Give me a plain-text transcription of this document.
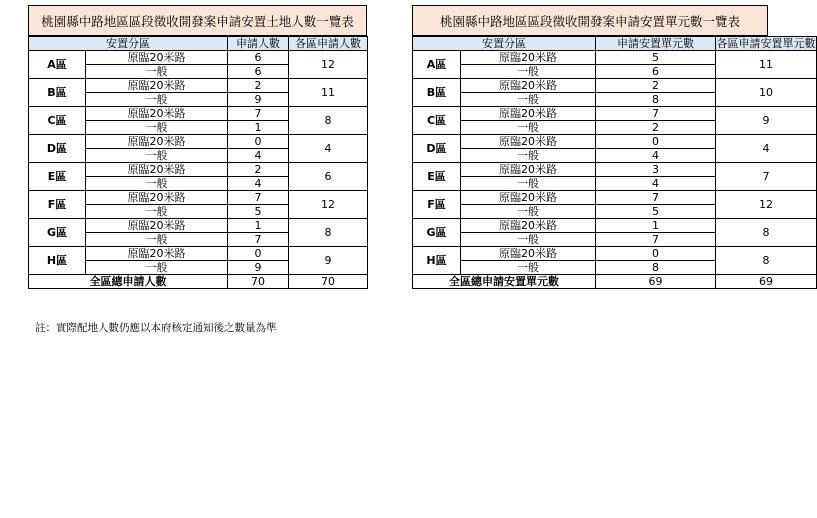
桃園縣中路地區區段徵收開發案申請安置土地人數一覽表
安置分區		申請人數	各區申請人數
A區	原臨20米路	6	12
	一般	6	
B區	原臨20米路	2	11
	一般	9	
C區	原臨20米路	7	8
	一般	1	
D區	原臨20米路	0	4
	一般	4	
E區	原臨20米路	2	6
	一般	4	
F區	原臨20米路	7	12
	一般	5	
G區	原臨20米路	1	8
	一般	7	
H區	原臨20米路	0	9
	一般	9	
全區總申請人數		70	70
桃園縣中路地區區段徵收開發案申請安置單元數一覽表
安置分區		申請安置單元數	各區申請安置單元數
A區	原臨20米路	5	11
	一般	6	
B區	原臨20米路	2	10
	一般	8	
C區	原臨20米路	7	9
	一般	2	
D區	原臨20米路	0	4
	一般	4	
E區	原臨20米路	3	7
	一般	4	
F區	原臨20米路	7	12
	一般	5	
G區	原臨20米路	1	8
	一般	7	
H區	原臨20米路	0	8
	一般	8	
全區總申請安置單元數		69	69
註：實際配地人數仍應以本府核定通知後之數量為準
